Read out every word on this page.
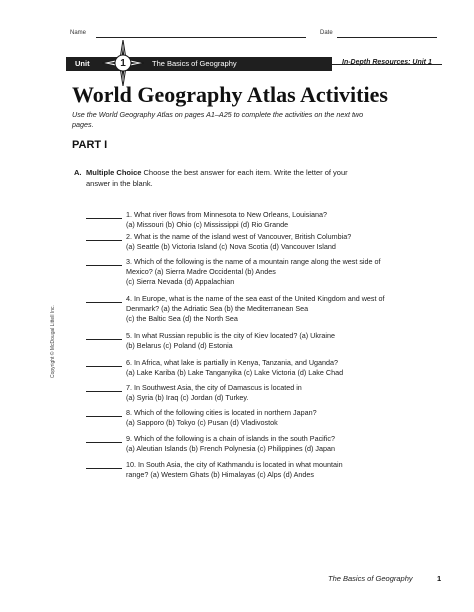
Name	Date
Unit	1	The Basics of Geography	In-Depth Resources: Unit 1
World Geography Atlas Activities
Use the World Geography Atlas on pages A1–A25 to complete the activities on the next two pages.
PART I
A. Multiple Choice Choose the best answer for each item. Write the letter of your answer in the blank.
1. What river flows from Minnesota to New Orleans, Louisiana?
(a) Missouri (b) Ohio (c) Mississippi (d) Rio Grande
2. What is the name of the island west of Vancouver, British Columbia?
(a) Seattle (b) Victoria Island (c) Nova Scotia (d) Vancouver Island
3. Which of the following is the name of a mountain range along the west side of Mexico? (a) Sierra Madre Occidental (b) Andes
(c) Sierra Nevada (d) Appalachian
4. In Europe, what is the name of the sea east of the United Kingdom and west of Denmark? (a) the Adriatic Sea (b) the Mediterranean Sea
(c) the Baltic Sea (d) the North Sea
5. In what Russian republic is the city of Kiev located? (a) Ukraine
(b) Belarus (c) Poland (d) Estonia
6. In Africa, what lake is partially in Kenya, Tanzania, and Uganda?
(a) Lake Kariba (b) Lake Tanganyika (c) Lake Victoria (d) Lake Chad
7. In Southwest Asia, the city of Damascus is located in
(a) Syria (b) Iraq (c) Jordan (d) Turkey.
8. Which of the following cities is located in northern Japan?
(a) Sapporo (b) Tokyo (c) Pusan (d) Vladivostok
9. Which of the following is a chain of islands in the south Pacific?
(a) Aleutian Islands (b) French Polynesia (c) Philippines (d) Japan
10. In South Asia, the city of Kathmandu is located in what mountain
range? (a) Western Ghats (b) Himalayas (c) Alps (d) Andes
Copyright © McDougal Littell Inc.
The Basics of Geography	1
